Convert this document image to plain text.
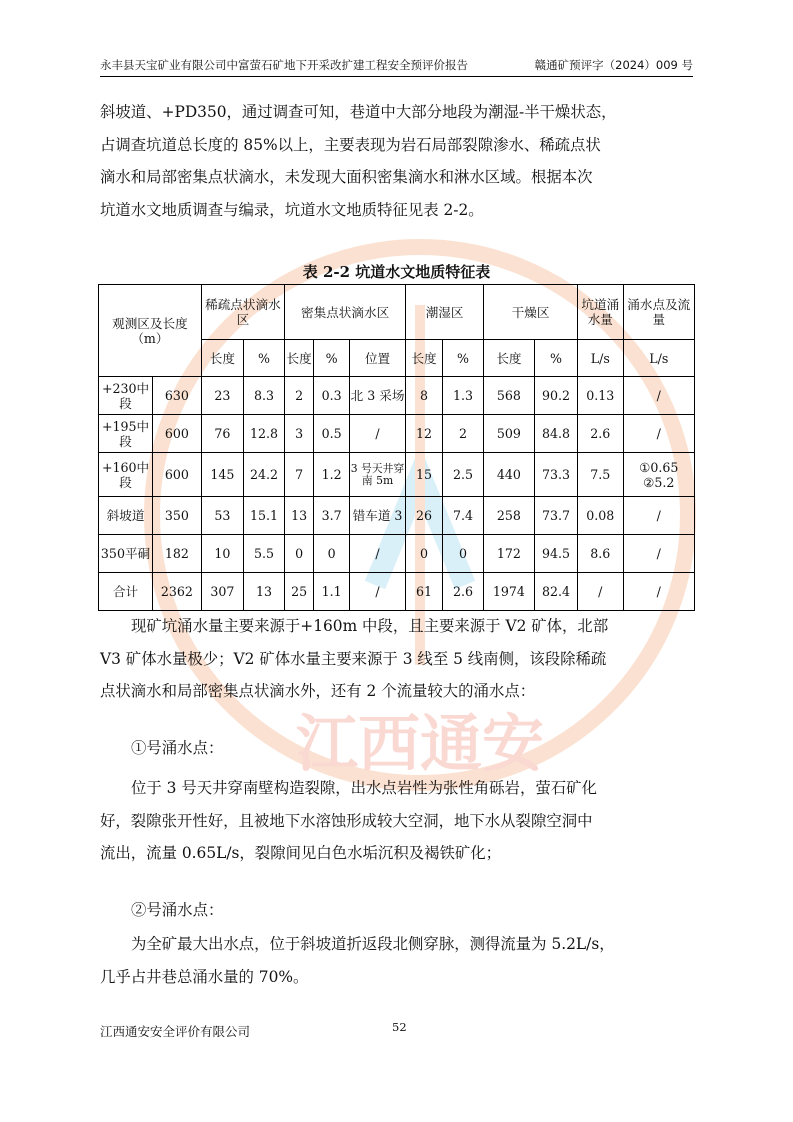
永丰县天宝矿业有限公司中富萤石矿地下开采改扩建工程安全预评价报告	赣通矿预评字（2024）009 号
江西通安
斜坡道、+PD350，通过调查可知，巷道中大部分地段为潮湿-半干燥状态，
占调查坑道总长度的 85%以上，主要表现为岩石局部裂隙渗水、稀疏点状
滴水和局部密集点状滴水，未发现大面积密集滴水和淋水区域。根据本次
坑道水文地质调查与编录，坑道水文地质特征见表 2-2。
表 2-2 坑道水文地质特征表
观测区及长度（m）		稀疏点状滴水区		密集点状滴水区			潮湿区		干燥区		坑道涌水量	涌水点及流量
		长度	%	长度	%	位置	长度	%	长度	%	L/s	L/s
+230中段	630	23	8.3	2	0.3	北 3 采场	8	1.3	568	90.2	0.13	/
+195中段	600	76	12.8	3	0.5	/	12	2	509	84.8	2.6	/
+160中段	600	145	24.2	7	1.2	3 号天井穿南 5m	15	2.5	440	73.3	7.5	①0.65 ②5.2
斜坡道	350	53	15.1	13	3.7	错车道 3	26	7.4	258	73.7	0.08	/
350平硐	182	10	5.5	0	0	/	0	0	172	94.5	8.6	/
合计	2362	307	13	25	1.1	/	61	2.6	1974	82.4	/	/
现矿坑涌水量主要来源于+160m 中段，且主要来源于 V2 矿体，北部
V3 矿体水量极少；V2 矿体水量主要来源于 3 线至 5 线南侧，该段除稀疏
点状滴水和局部密集点状滴水外，还有 2 个流量较大的涌水点：
①号涌水点：
位于 3 号天井穿南壁构造裂隙，出水点岩性为张性角砾岩，萤石矿化
好，裂隙张开性好，且被地下水溶蚀形成较大空洞，地下水从裂隙空洞中
流出，流量 0.65L/s，裂隙间见白色水垢沉积及褐铁矿化；
②号涌水点：
为全矿最大出水点，位于斜坡道折返段北侧穿脉，测得流量为 5.2L/s，
几乎占井巷总涌水量的 70%。
江西通安安全评价有限公司	52
